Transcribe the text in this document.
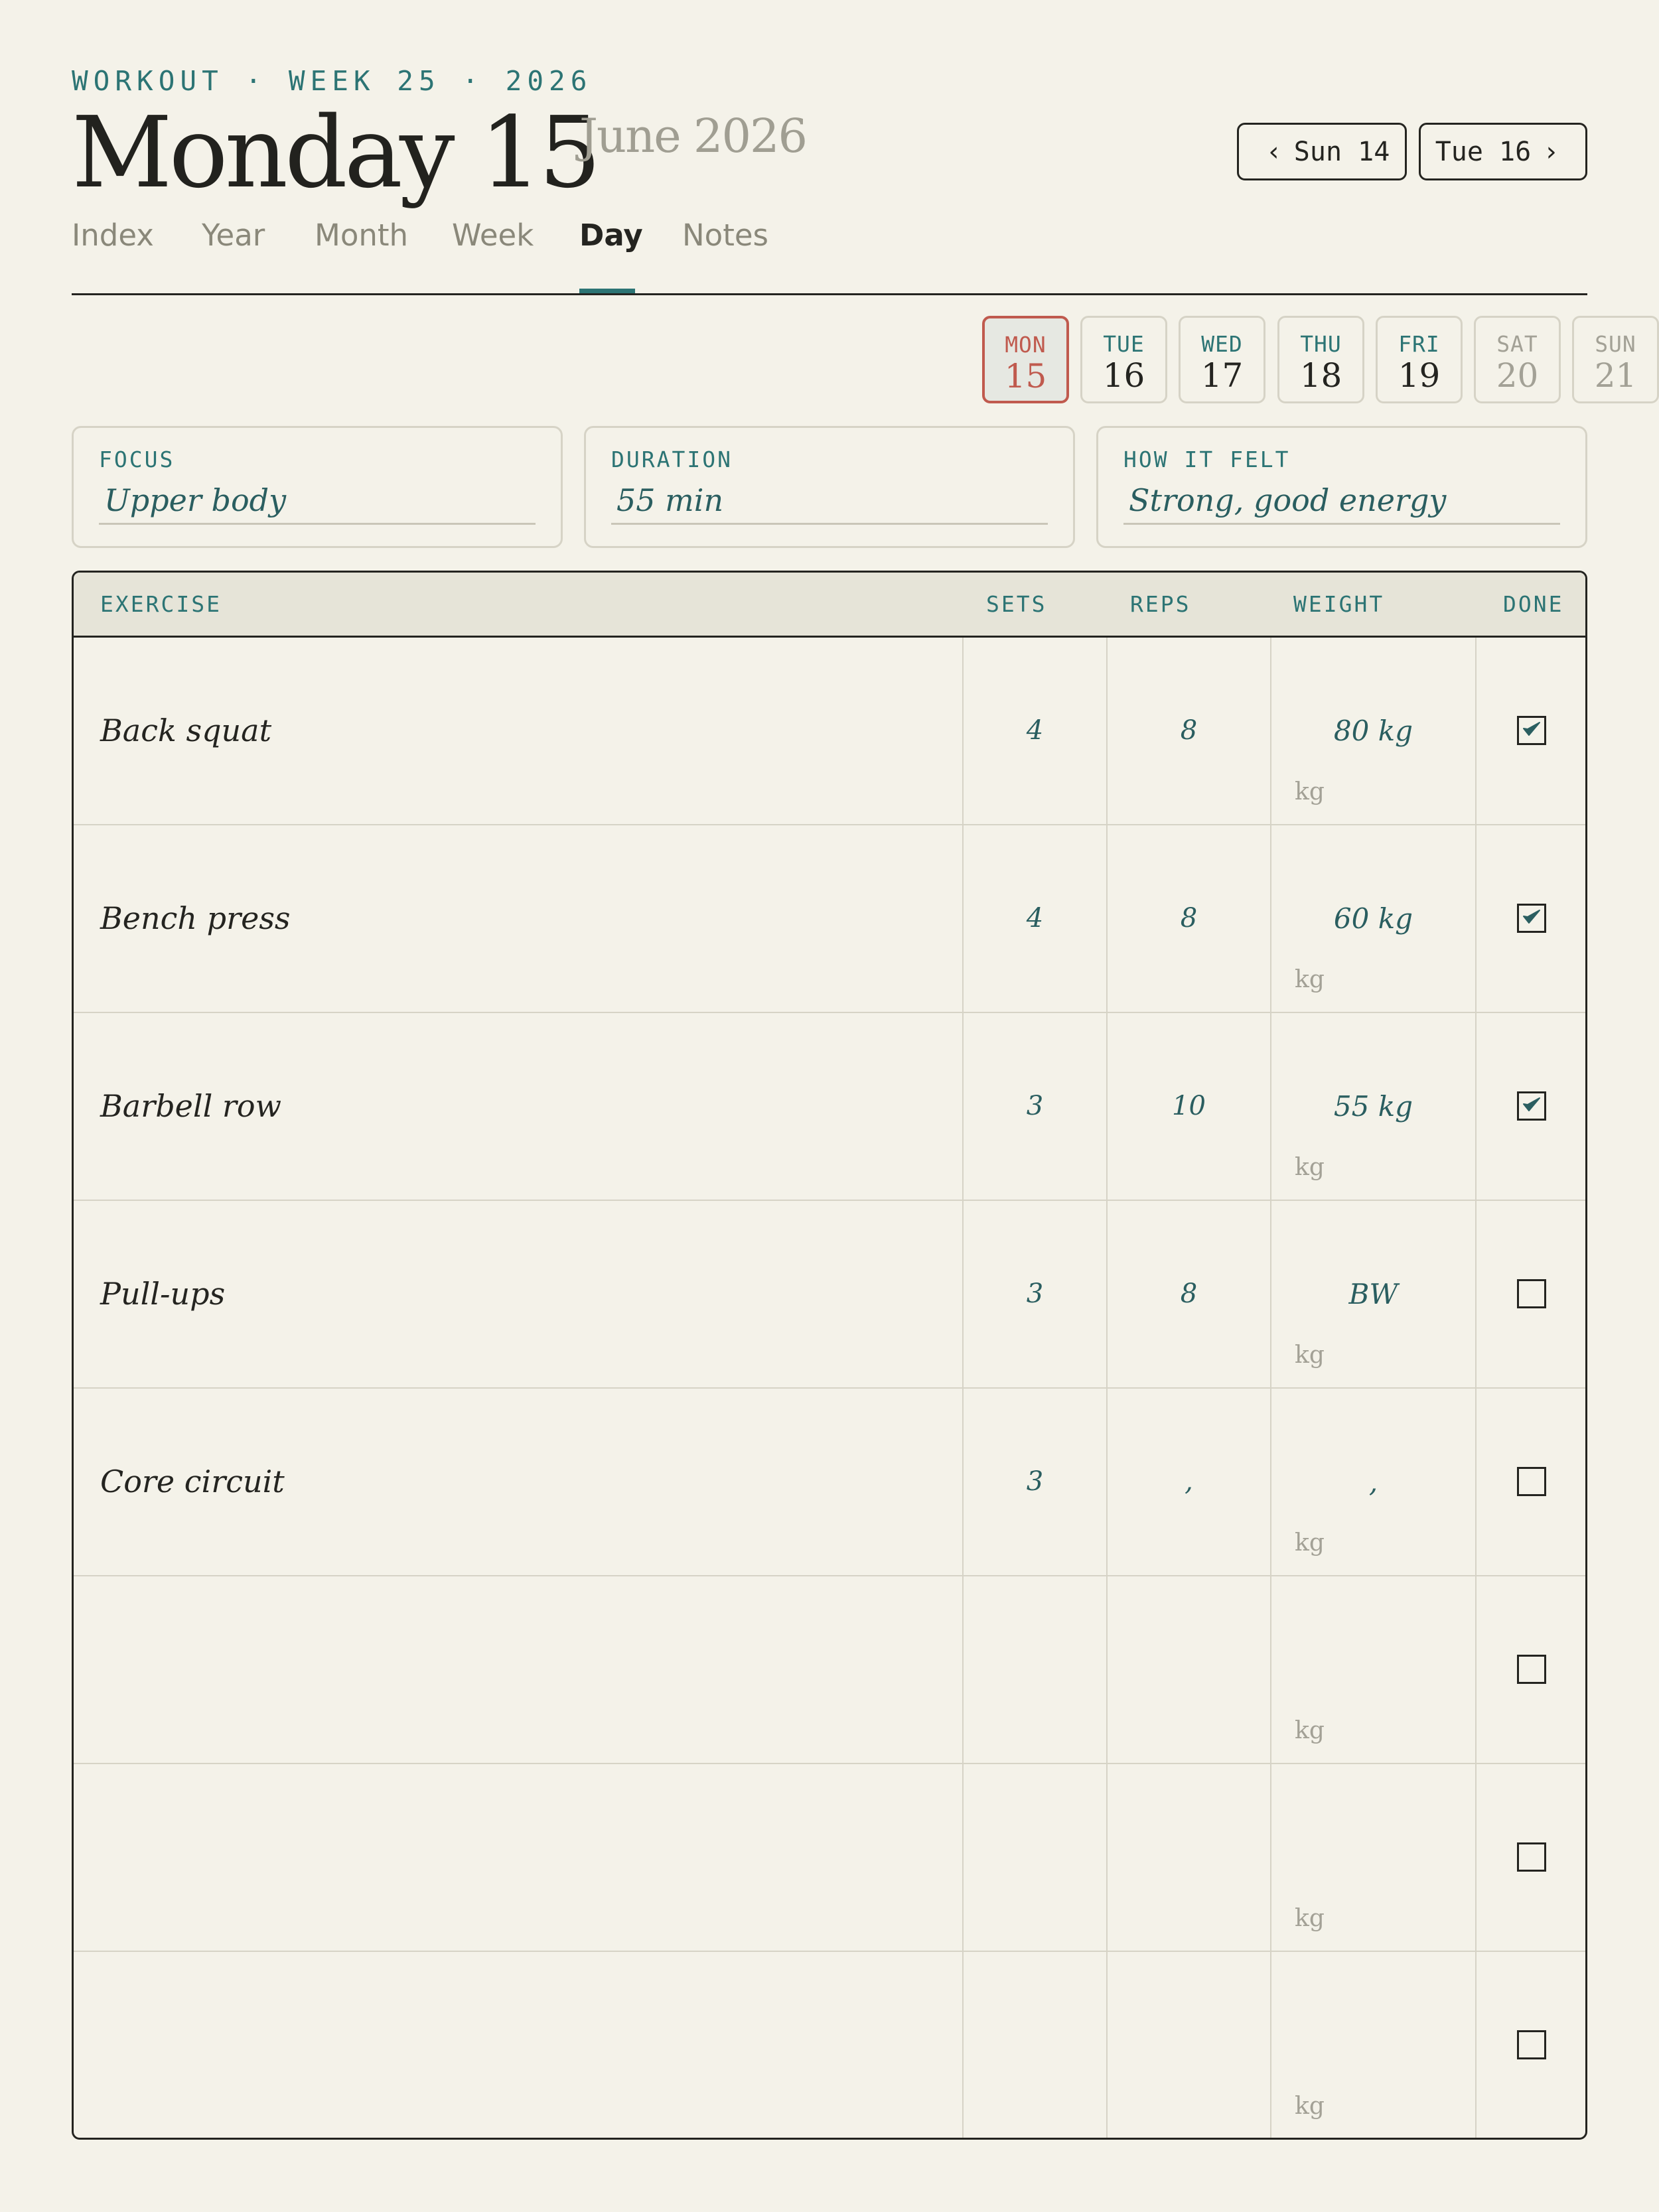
WORKOUT · WEEK 25 · 2026
Monday 15
June 2026	‹ Sun 14 Tue 16 ›
Index Year Month Week Day Notes
MON
15
TUE
16
WED
17
THU
18
FRI
19
SAT
20
SUN
21
FOCUS
Upper body
DURATION
55 min
HOW IT FELT
Strong, good energy
EXERCISE	SETS	REPS	WEIGHT	DONE
Back squat	4	8	80 kg
kg
Bench press	4	8	60 kg
kg
Barbell row	3	10	55 kg
kg
Pull-ups	3	8	BW
kg
Core circuit	3	,	,
kg
kg
kg
kg
